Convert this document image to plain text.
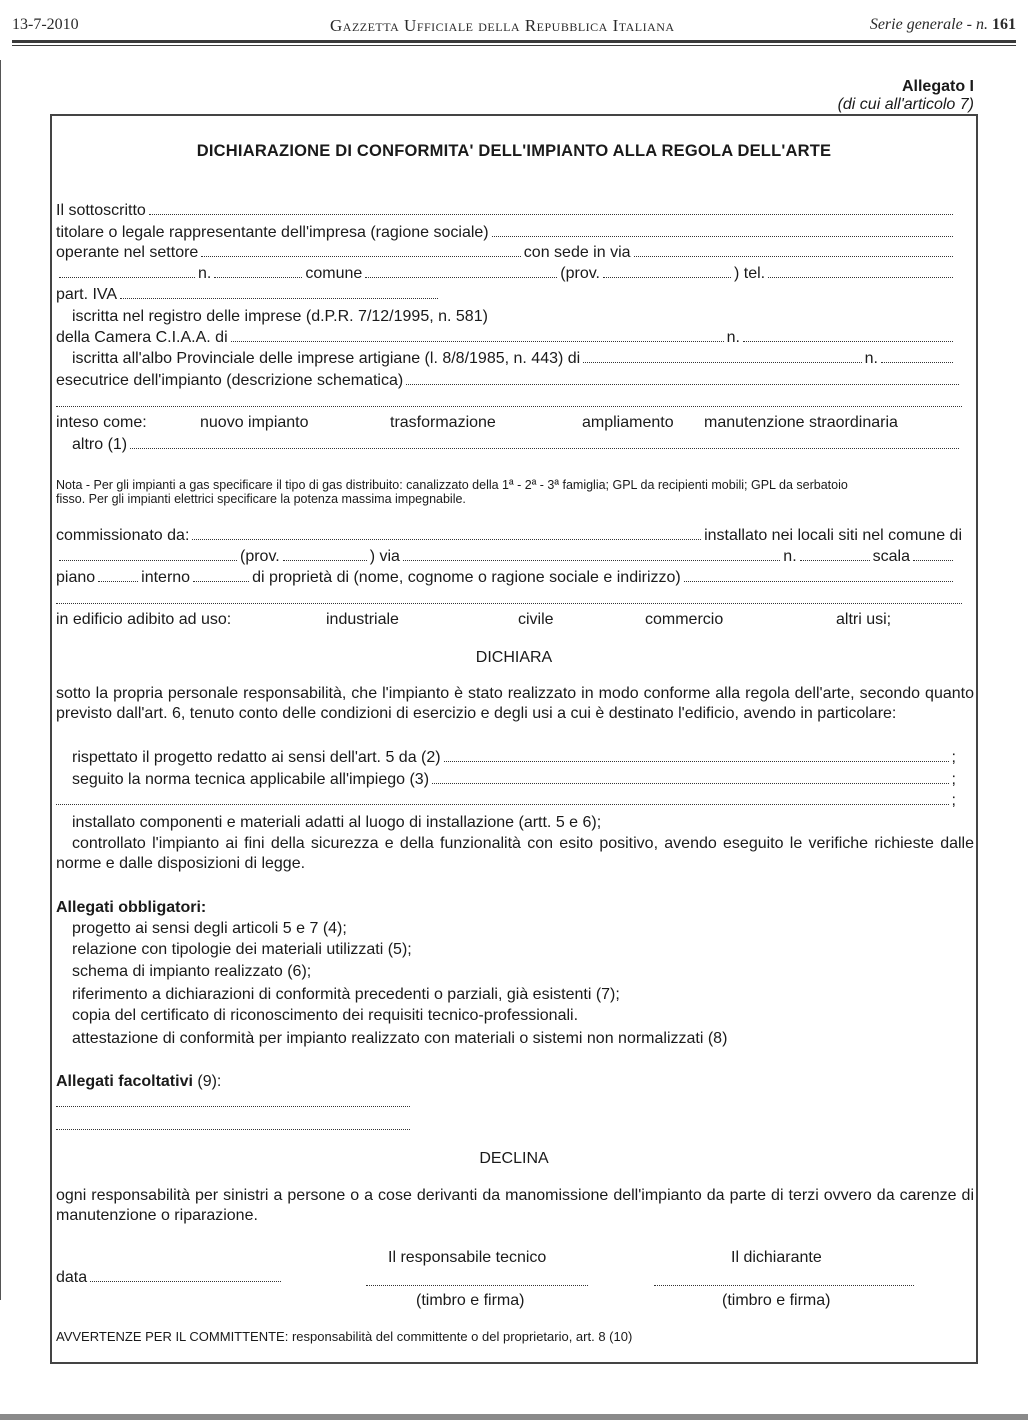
13-7-2010	Gazzetta Ufficiale della Repubblica Italiana	Serie generale - n. 161
Allegato I
(di cui all'articolo 7)
DICHIARAZIONE DI CONFORMITA' DELL'IMPIANTO ALLA REGOLA DELL'ARTE
Il sottoscritto
titolare o legale rappresentante dell'impresa (ragione sociale)
operante nel settore	con sede in via
n.	comune	(prov.	) tel.
part. IVA
iscritta nel registro delle imprese (d.P.R. 7/12/1995, n. 581)
della Camera C.I.A.A. di	n.
iscritta all'albo Provinciale delle imprese artigiane (l. 8/8/1985, n. 443) di	n.
esecutrice dell'impianto (descrizione schematica)
inteso come:	nuovo impianto	trasformazione	ampliamento manutenzione straordinaria
altro (1)
Nota - Per gli impianti a gas specificare il tipo di gas distribuito: canalizzato della 1ª - 2ª - 3ª famiglia; GPL da recipienti mobili; GPL da serbatoio
fisso. Per gli impianti elettrici specificare la potenza massima impegnabile.
commissionato da:	installato nei locali siti nel comune di
(prov.	) via	n.	scala
piano	interno	di proprietà di (nome, cognome o ragione sociale e indirizzo)
in edificio adibito ad uso:	industriale	civile	commercio	altri usi;
DICHIARA
sotto la propria personale responsabilità, che l'impianto è stato realizzato in modo conforme alla regola dell'arte, secondo quanto previsto dall'art. 6, tenuto conto delle condizioni di esercizio e degli usi a cui è destinato l'edificio, avendo in particolare:
rispettato il progetto redatto ai sensi dell'art. 5 da (2)	;
seguito la norma tecnica applicabile all'impiego (3)	;
;
installato componenti e materiali adatti al luogo di installazione (artt. 5 e 6);
controllato l'impianto ai fini della sicurezza e della funzionalità con esito positivo, avendo eseguito le verifiche richieste dalle norme e dalle disposizioni di legge.
Allegati obbligatori:
progetto ai sensi degli articoli 5 e 7 (4);
relazione con tipologie dei materiali utilizzati (5);
schema di impianto realizzato (6);
riferimento a dichiarazioni di conformità precedenti o parziali, già esistenti (7);
copia del certificato di riconoscimento dei requisiti tecnico-professionali.
attestazione di conformità per impianto realizzato con materiali o sistemi non normalizzati (8)
Allegati facoltativi (9):
DECLINA
ogni responsabilità per sinistri a persone o a cose derivanti da manomissione dell'impianto da parte di terzi ovvero da carenze di manutenzione o riparazione.
Il responsabile tecnico	Il dichiarante
data
(timbro e firma)	(timbro e firma)
AVVERTENZE PER IL COMMITTENTE: responsabilità del committente o del proprietario, art. 8 (10)
